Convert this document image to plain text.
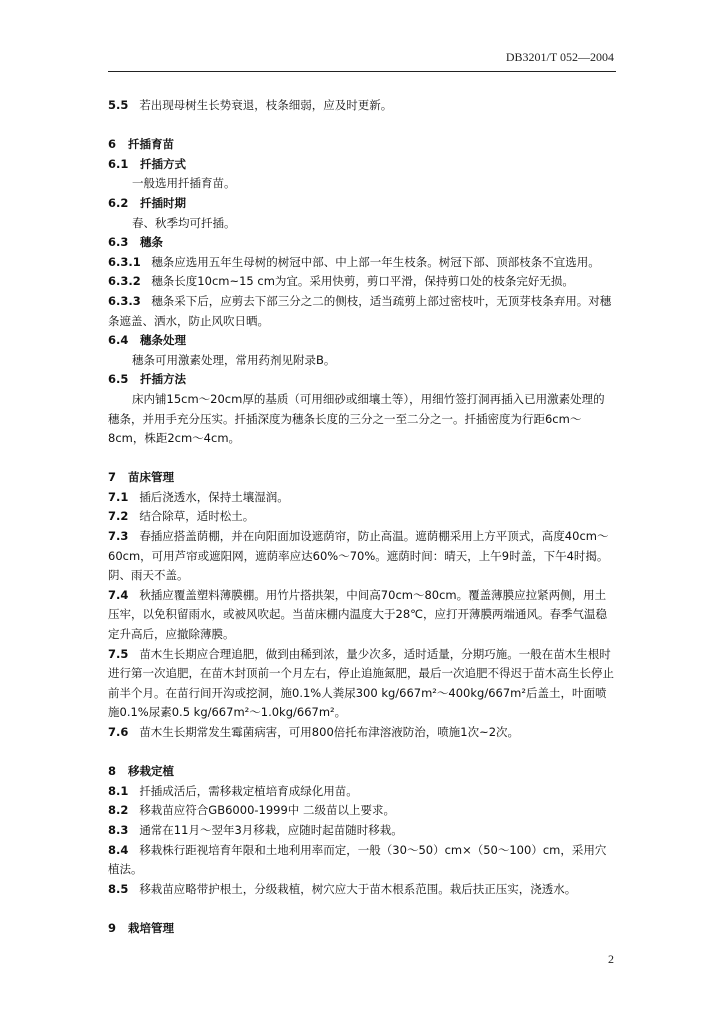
DB3201/T 052—2004

5.5 若出现母树生长势衰退，枝条细弱，应及时更新。

6 扦插育苗

6.1 扦插方式

一般选用扦插育苗。

6.2 扦插时期

春、秋季均可扦插。

6.3 穗条

6.3.1 穗条应选用五年生母树的树冠中部、中上部一年生枝条。树冠下部、顶部枝条不宜选用。

6.3.2 穗条长度10cm~15 cm为宜。采用快剪，剪口平滑，保持剪口处的枝条完好无损。

6.3.3 穗条采下后，应剪去下部三分之二的侧枝，适当疏剪上部过密枝叶，无顶芽枝条弃用。对穗条遮盖、洒水，防止风吹日晒。

6.4 穗条处理

穗条可用激素处理，常用药剂见附录B。

6.5 扦插方法

床内铺15cm～20cm厚的基质（可用细砂或细壤土等），用细竹签打洞再插入已用激素处理的穗条，并用手充分压实。扦插深度为穗条长度的三分之一至二分之一。扦插密度为行距6cm～8cm，株距2cm～4cm。

7 苗床管理

7.1 插后浇透水，保持土壤湿润。

7.2 结合除草，适时松土。

7.3 春插应搭盖荫棚，并在向阳面加设遮荫帘，防止高温。遮荫棚采用上方平顶式，高度40cm～60cm，可用芦帘或遮阳网，遮荫率应达60%～70%。遮荫时间：晴天，上午9时盖，下午4时揭。阴、雨天不盖。

7.4 秋插应覆盖塑料薄膜棚。用竹片搭拱架，中间高70cm～80cm。覆盖薄膜应拉紧两侧，用土压牢，以免积留雨水，或被风吹起。当苗床棚内温度大于28℃，应打开薄膜两端通风。春季气温稳定升高后，应撤除薄膜。

7.5 苗木生长期应合理追肥，做到由稀到浓，量少次多，适时适量，分期巧施。一般在苗木生根时进行第一次追肥，在苗木封顶前一个月左右，停止追施氮肥，最后一次追肥不得迟于苗木高生长停止前半个月。在苗行间开沟或挖洞，施0.1%人粪尿300 kg/667m²～400kg/667m²后盖土，叶面喷施0.1%尿素0.5 kg/667m²～1.0kg/667m²。

7.6 苗木生长期常发生霉菌病害，可用800倍托布津溶液防治，喷施1次~2次。

8 移栽定植

8.1 扦插成活后，需移栽定植培育成绿化用苗。

8.2 移栽苗应符合GB6000-1999中 二级苗以上要求。

8.3 通常在11月～翌年3月移栽，应随时起苗随时移栽。

8.4 移栽株行距视培育年限和土地利用率而定，一般（30～50）cm×（50～100）cm，采用穴植法。

8.5 移栽苗应略带护根土，分级栽植，树穴应大于苗木根系范围。栽后扶正压实，浇透水。

9 栽培管理

2
